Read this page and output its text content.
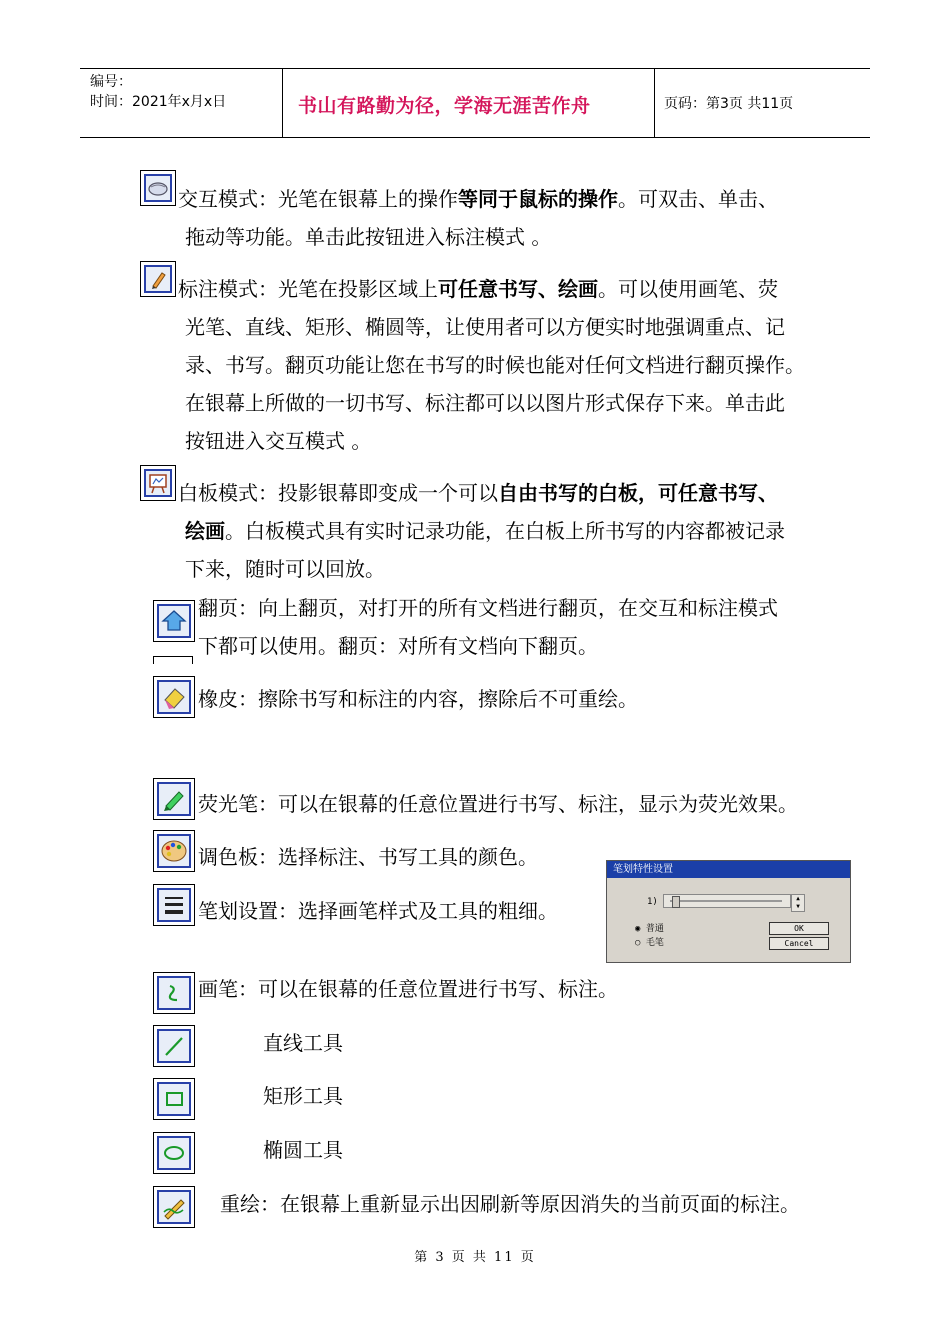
编号：
时间：2021年x月x日	书山有路勤为径，学海无涯苦作舟	页码：第3页 共11页
交互模式：光笔在银幕上的操作等同于鼠标的操作。可双击、单击、
拖动等功能。单击此按钮进入标注模式 。
标注模式：光笔在投影区域上可任意书写、绘画。可以使用画笔、荧
光笔、直线、矩形、椭圆等，让使用者可以方便实时地强调重点、记
录、书写。翻页功能让您在书写的时候也能对任何文档进行翻页操作。
在银幕上所做的一切书写、标注都可以以图片形式保存下来。单击此
按钮进入交互模式 。
白板模式：投影银幕即变成一个可以自由书写的白板，可任意书写、
绘画。白板模式具有实时记录功能，在白板上所书写的内容都被记录
下来，随时可以回放。
翻页：向上翻页，对打开的所有文档进行翻页，在交互和标注模式
下都可以使用。翻页：对所有文档向下翻页。
橡皮：擦除书写和标注的内容，擦除后不可重绘。
荧光笔：可以在银幕的任意位置进行书写、标注，显示为荧光效果。
调色板：选择标注、书写工具的颜色。
笔划设置：选择画笔样式及工具的粗细。
笔划特性设置
1)	▲
▼
◉ 普通
○ 毛笔
OK
Cancel
画笔：可以在银幕的任意位置进行书写、标注。
直线工具
矩形工具
椭圆工具
重绘：在银幕上重新显示出因刷新等原因消失的当前页面的标注。
第 3 页 共 11 页
